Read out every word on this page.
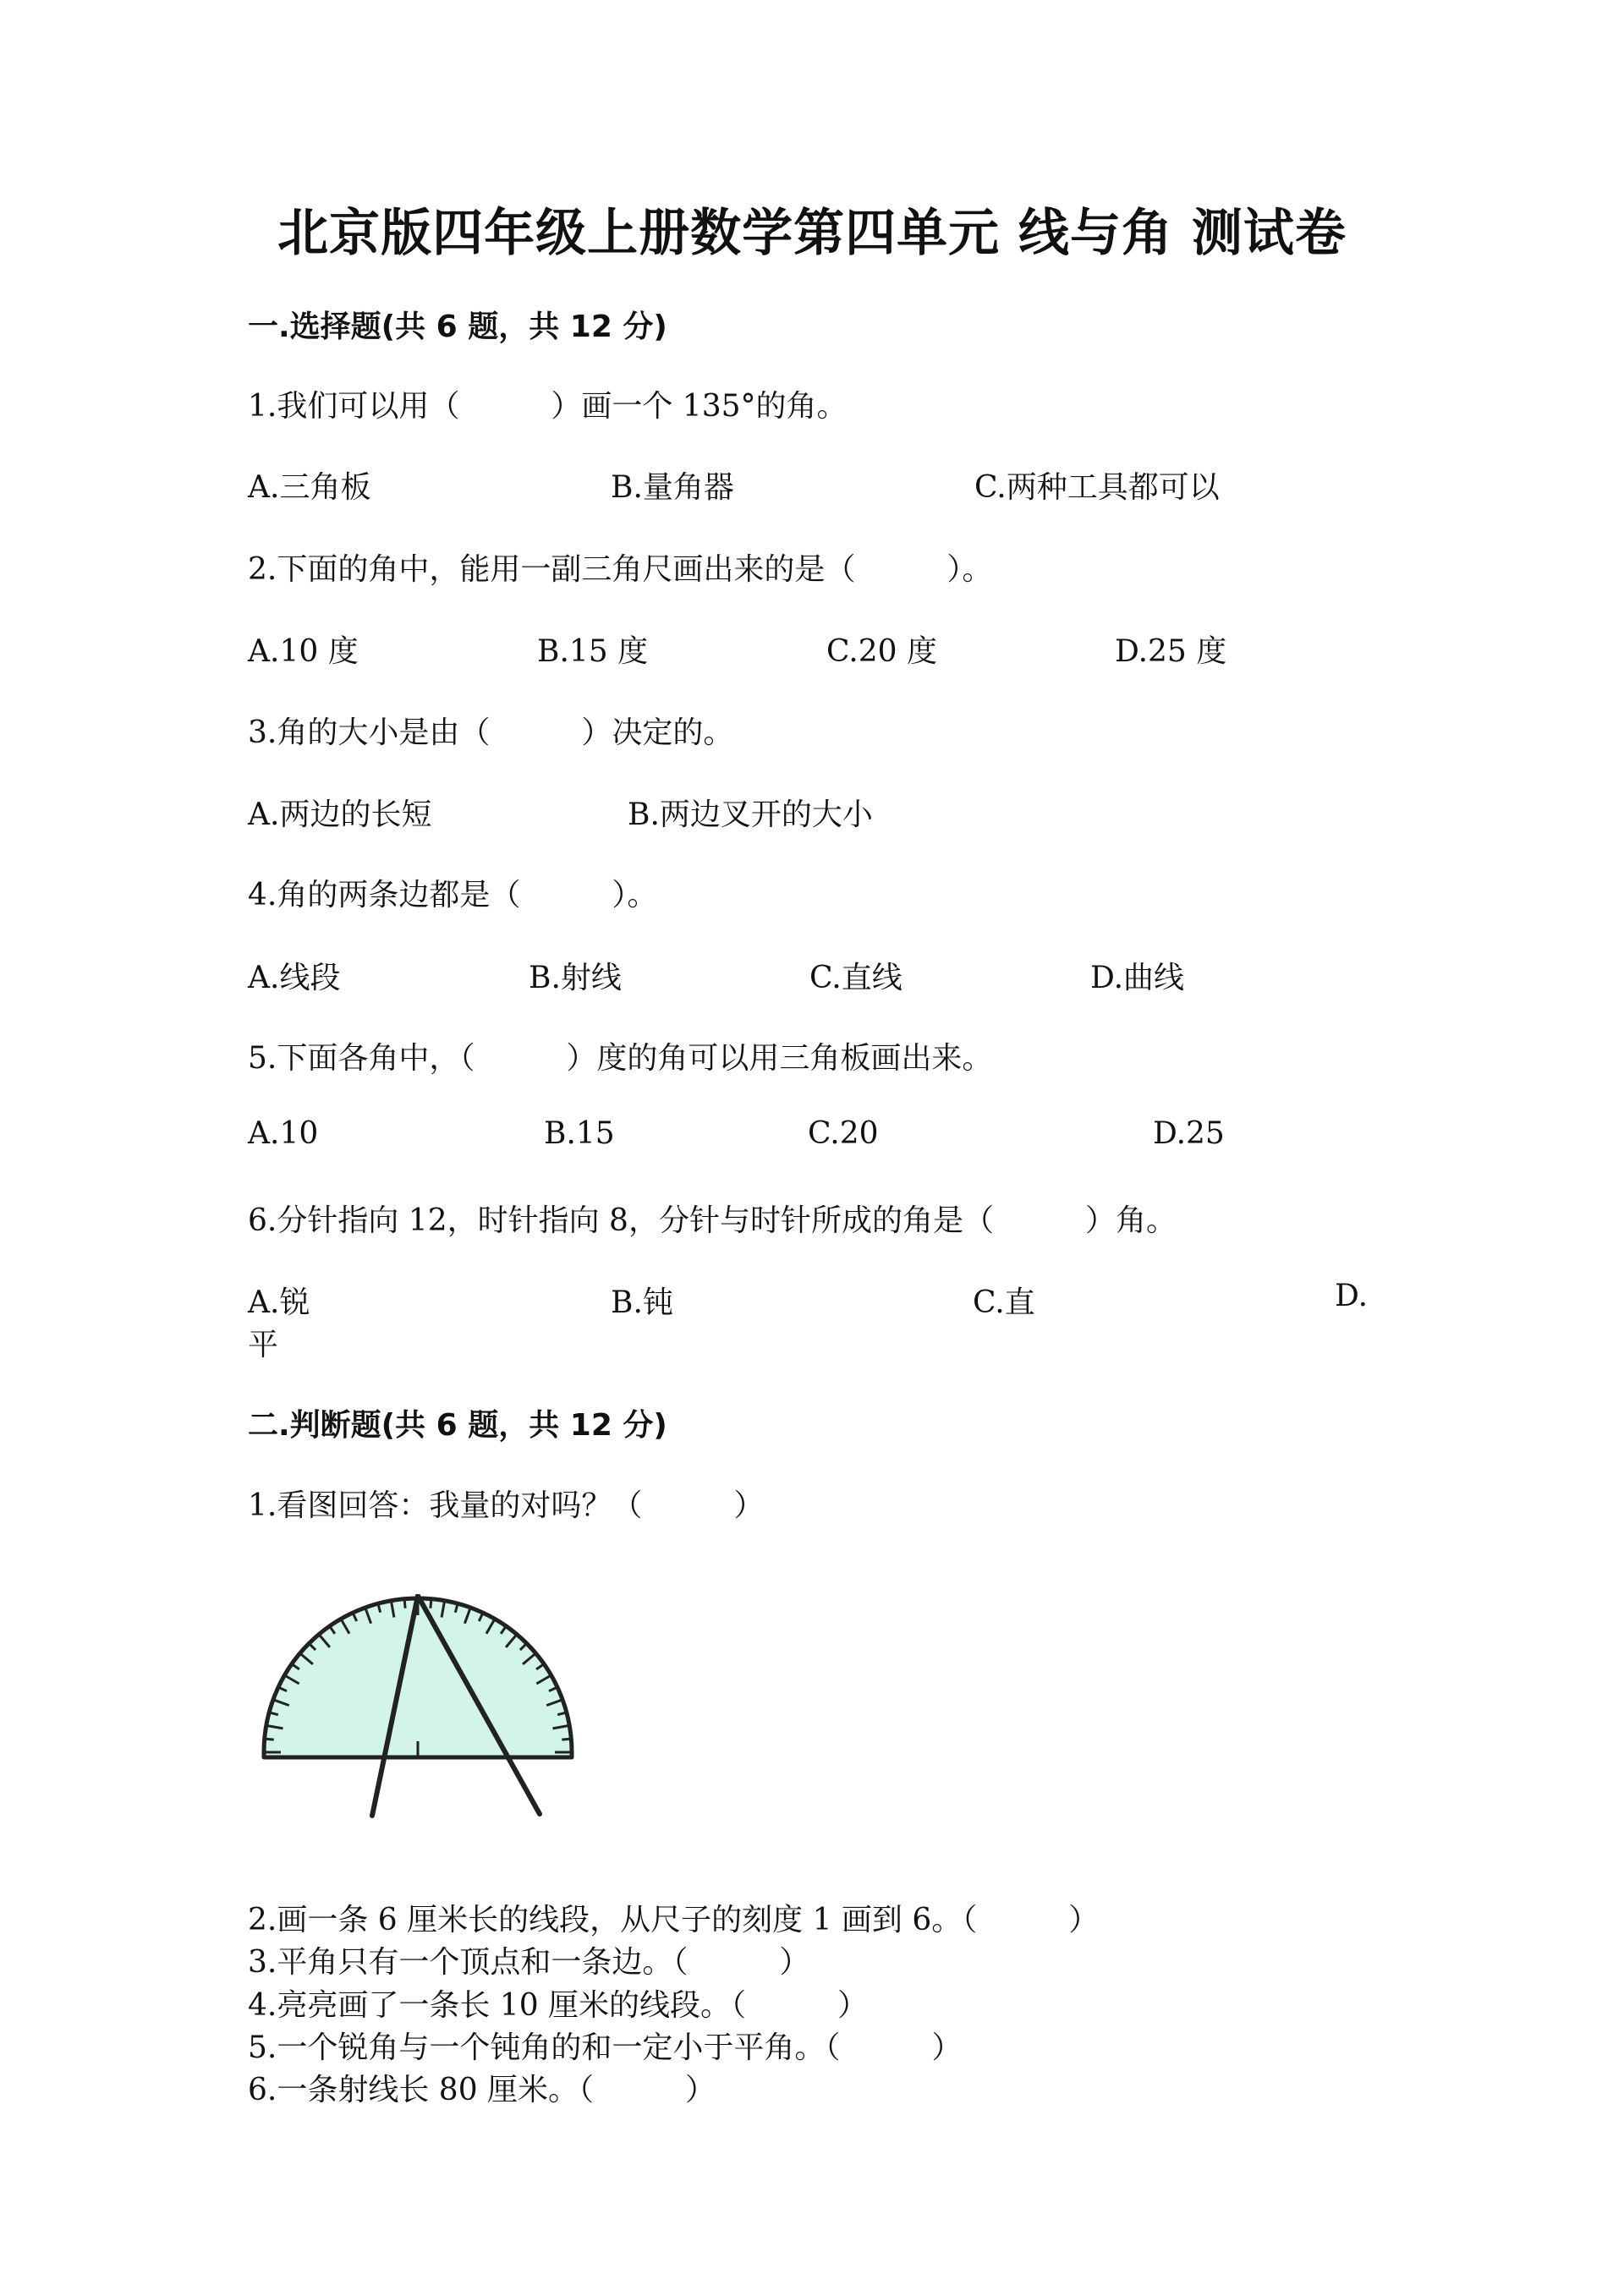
北京版四年级上册数学第四单元 线与角 测试卷
一.选择题(共 6 题，共 12 分)
1.我们可以用（　　　）画一个 135°的角。
A.三角板	B.量角器	C.两种工具都可以
2.下面的角中，能用一副三角尺画出来的是（　　　）。
A.10 度	B.15 度	C.20 度	D.25 度
3.角的大小是由（　　　）决定的。
A.两边的长短	B.两边叉开的大小
4.角的两条边都是（　　　）。
A.线段	B.射线	C.直线	D.曲线
5.下面各角中，（　　　）度的角可以用三角板画出来。
A.10	B.15	C.20	D.25
6.分针指向 12，时针指向 8，分针与时针所成的角是（　　　）角。
A.锐	B.钝	C.直	D.
平
二.判断题(共 6 题，共 12 分)
1.看图回答：我量的对吗？（　　　）
2.画一条 6 厘米长的线段，从尺子的刻度 1 画到 6。（　　　）
3.平角只有一个顶点和一条边。（　　　）
4.亮亮画了一条长 10 厘米的线段。（　　　）
5.一个锐角与一个钝角的和一定小于平角。（　　　）
6.一条射线长 80 厘米。（　　　）
